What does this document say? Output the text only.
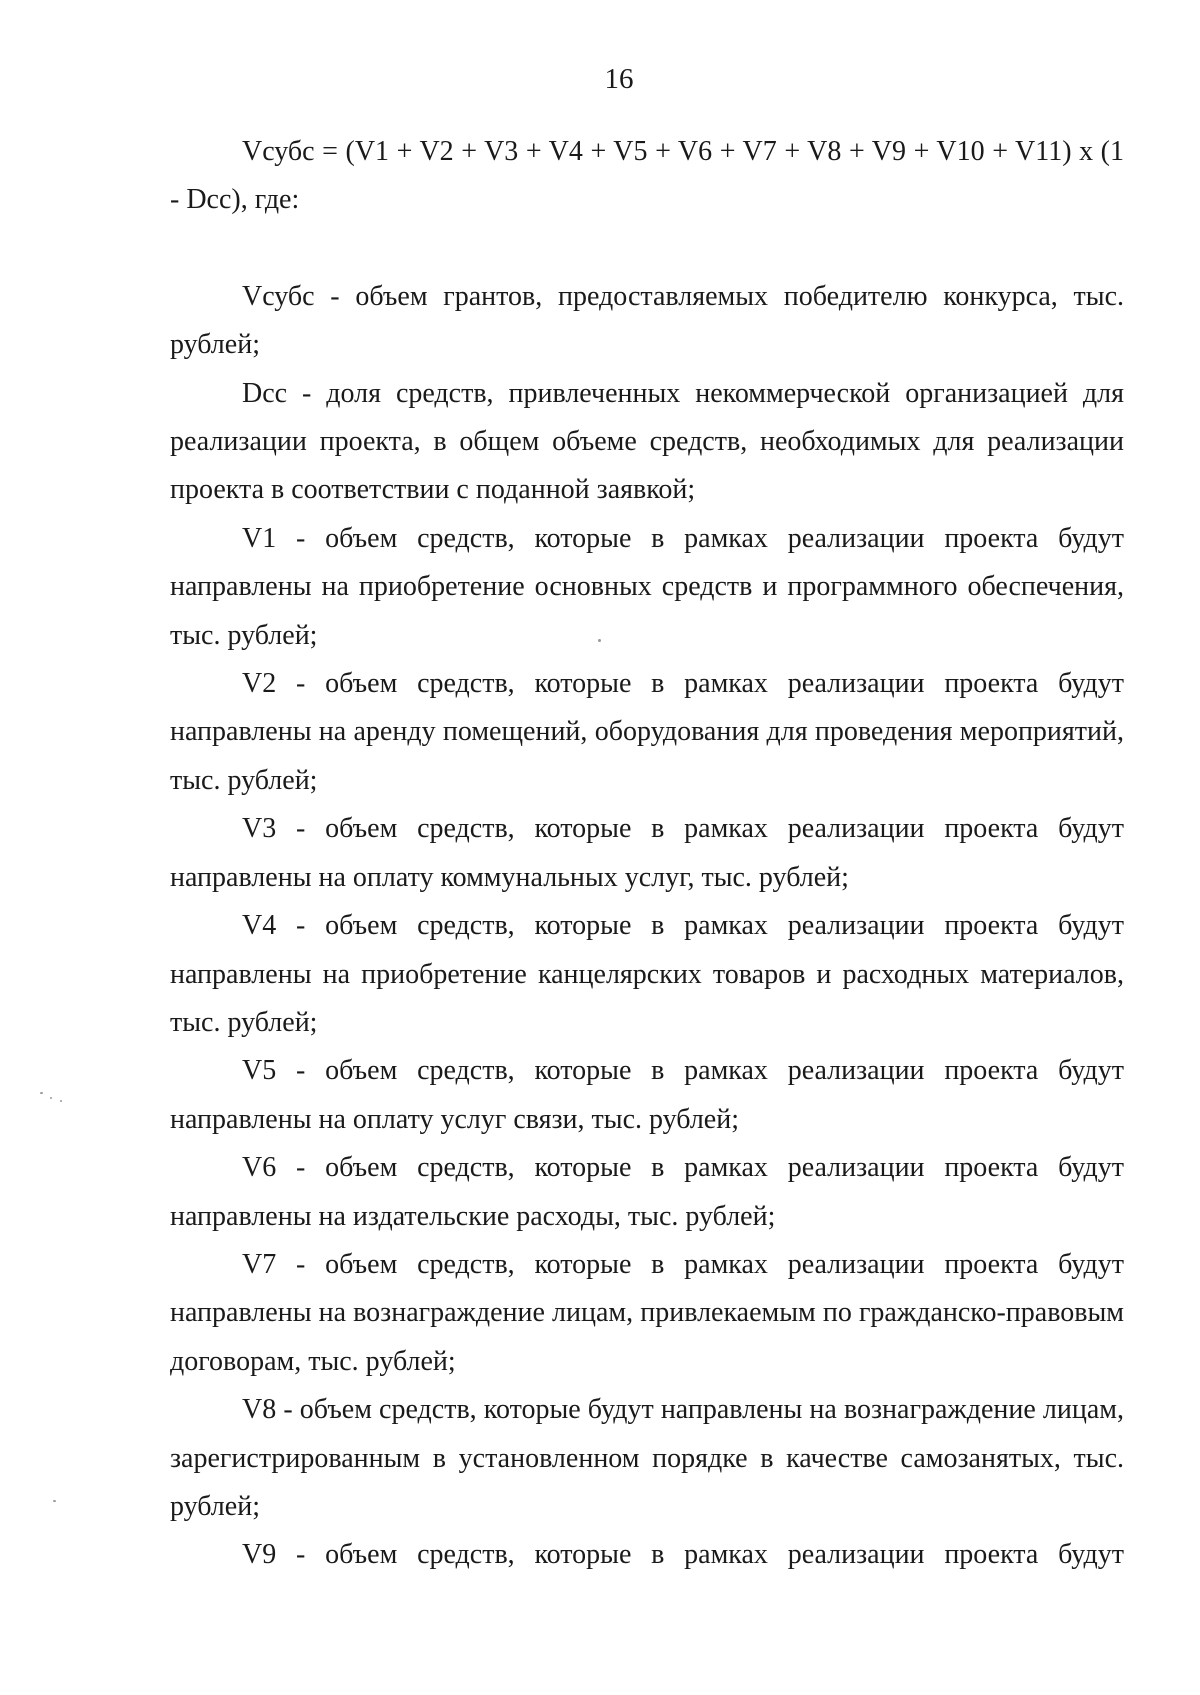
16

Vсубс = (V1 + V2 + V3 + V4 + V5 + V6 + V7 + V8 + V9 + V10 + V11) x (1 - Dcc), где:

Vсубс - объем грантов, предоставляемых победителю конкурса, тыс. рублей;

Dcc - доля средств, привлеченных некоммерческой организацией для реализации проекта, в общем объеме средств, необходимых для реализации проекта в соответствии с поданной заявкой;

V1 - объем средств, которые в рамках реализации проекта будут направлены на приобретение основных средств и программного обеспечения, тыс. рублей;

V2 - объем средств, которые в рамках реализации проекта будут направлены на аренду помещений, оборудования для проведения мероприятий, тыс. рублей;

V3 - объем средств, которые в рамках реализации проекта будут направлены на оплату коммунальных услуг, тыс. рублей;

V4 - объем средств, которые в рамках реализации проекта будут направлены на приобретение канцелярских товаров и расходных материалов, тыс. рублей;

V5 - объем средств, которые в рамках реализации проекта будут направлены на оплату услуг связи, тыс. рублей;

V6 - объем средств, которые в рамках реализации проекта будут направлены на издательские расходы, тыс. рублей;

V7 - объем средств, которые в рамках реализации проекта будут направлены на вознаграждение лицам, привлекаемым по гражданско-правовым договорам, тыс. рублей;

V8 - объем средств, которые будут направлены на вознаграждение лицам, зарегистрированным в установленном порядке в качестве самозанятых, тыс. рублей;

V9 - объем средств, которые в рамках реализации проекта будут
